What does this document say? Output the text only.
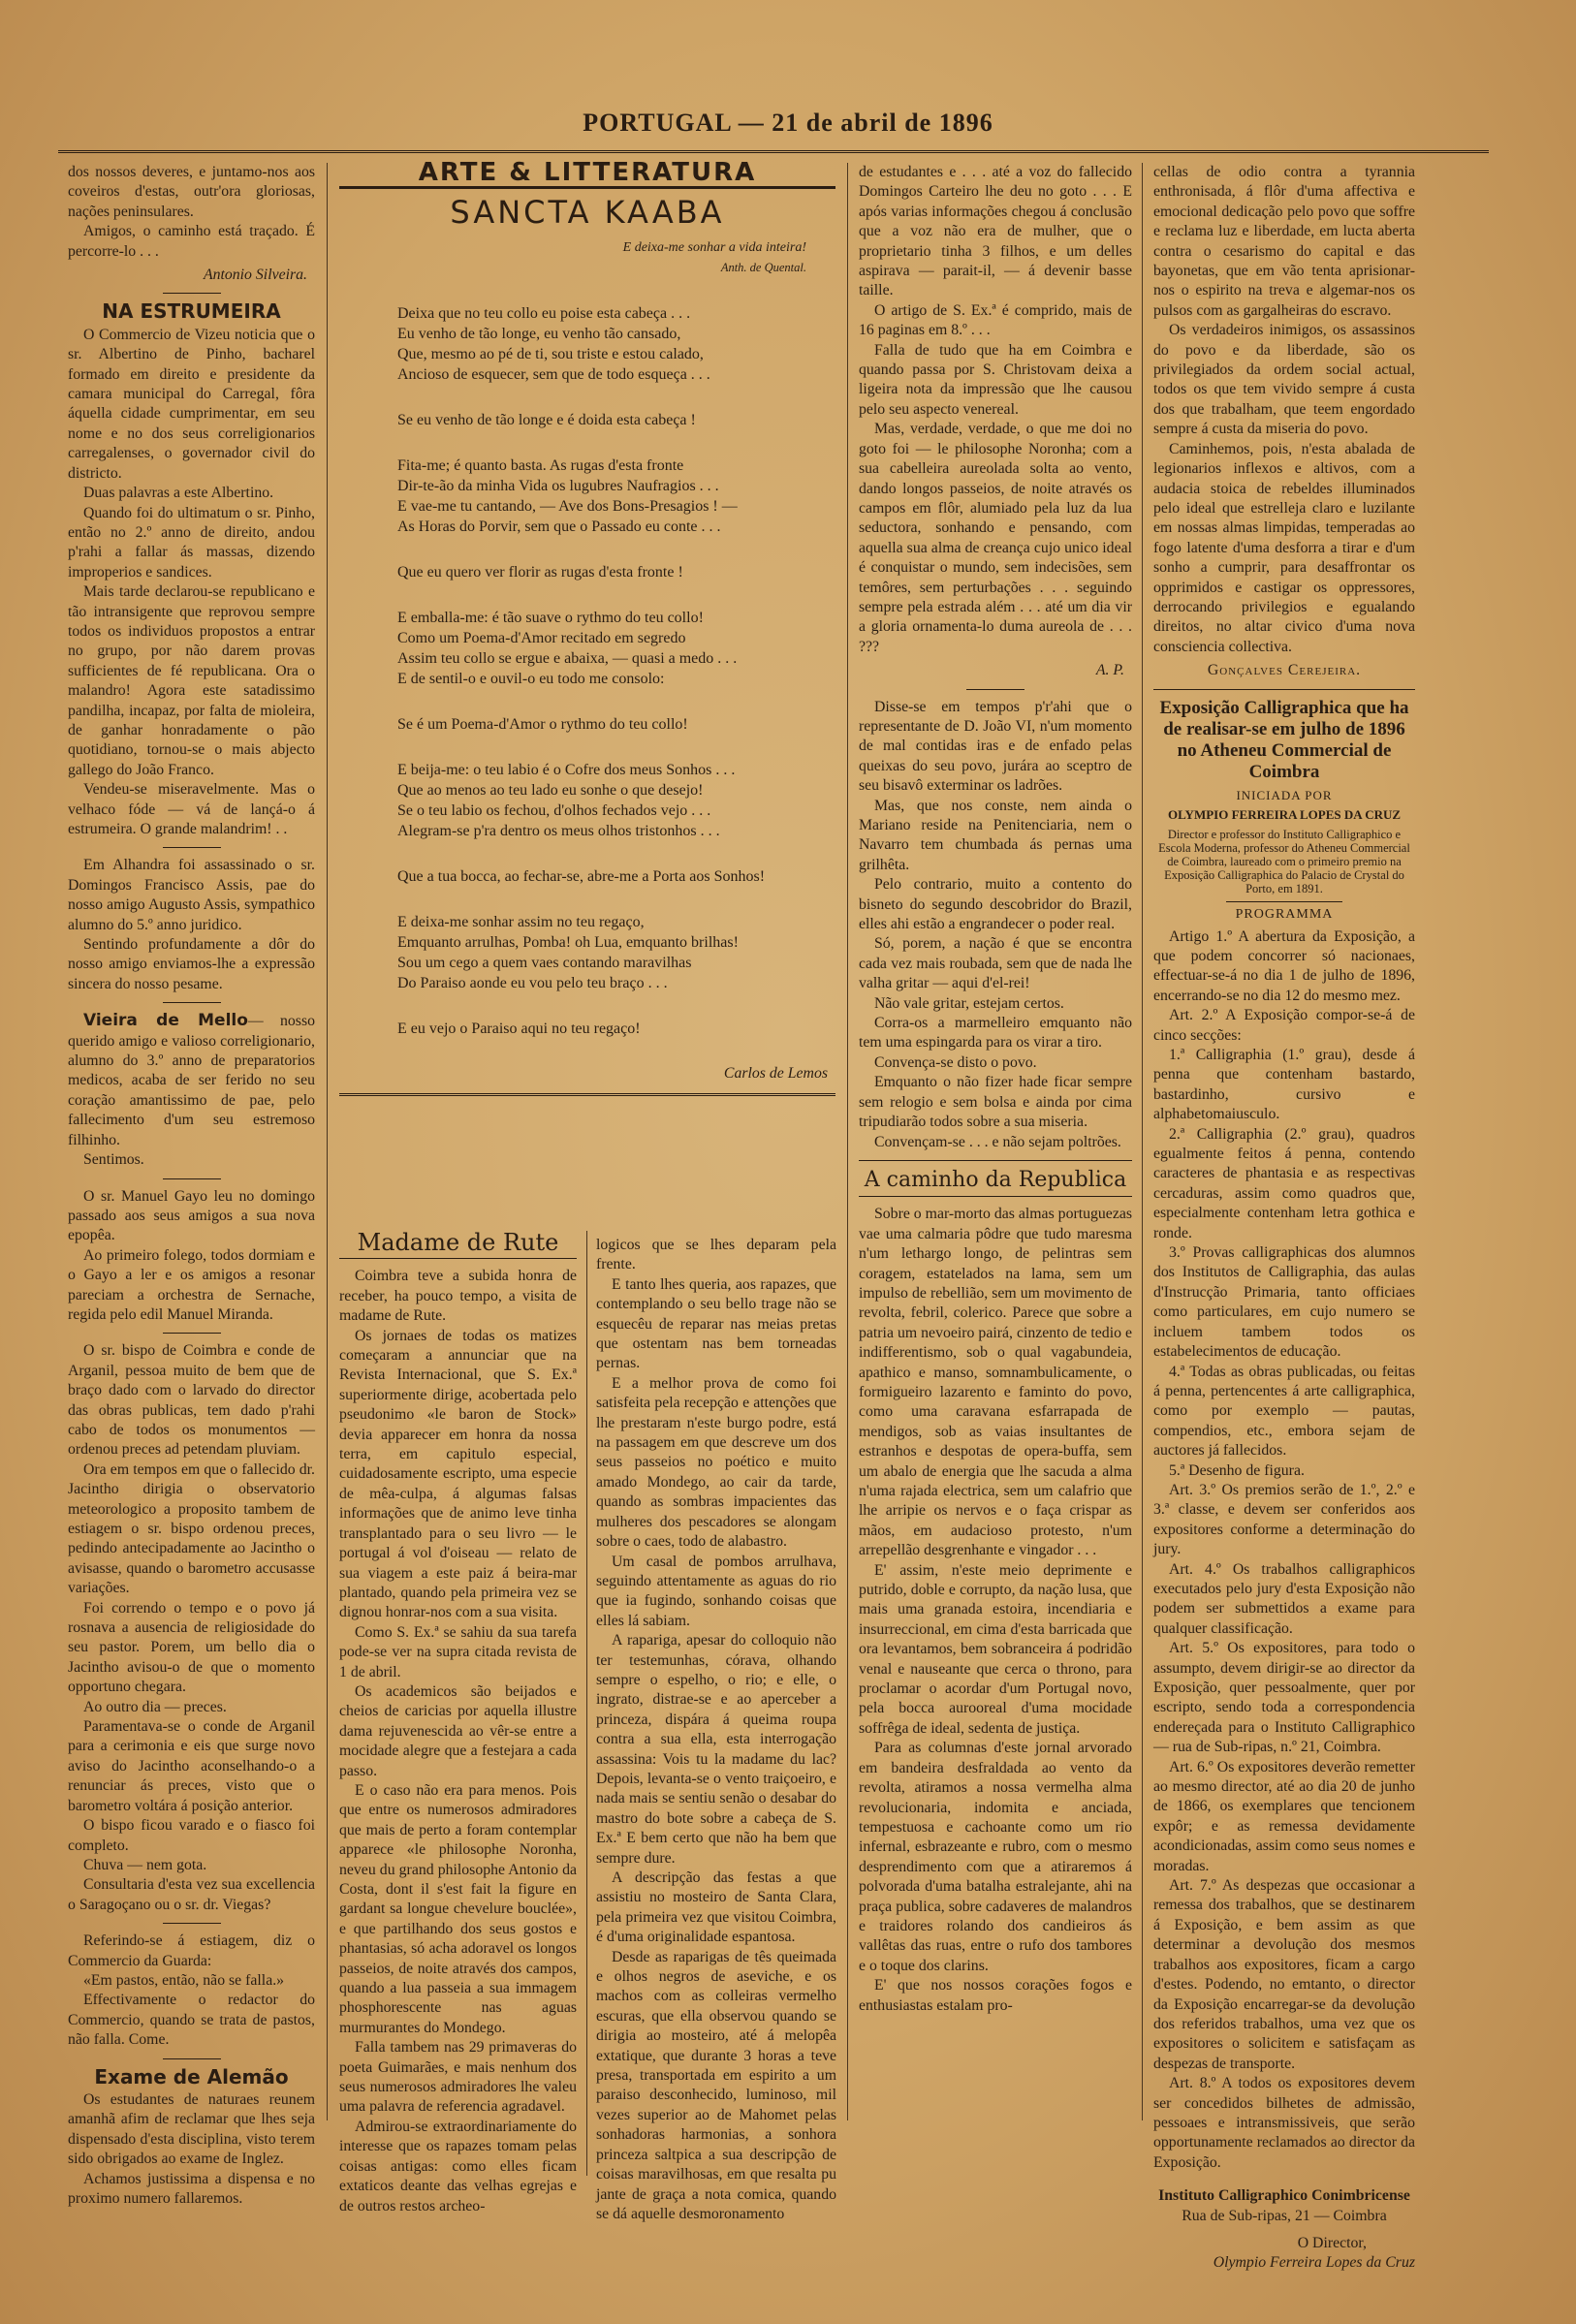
PORTUGAL — 21 de abril de 1896

dos nossos deveres, e juntamo-nos aos coveiros d'estas, outr'ora gloriosas, nações peninsulares.

Amigos, o caminho está traçado. É percorre-lo . . .

Antonio Silveira.
NA ESTRUMEIRA

O Commercio de Vizeu noticia que o sr. Albertino de Pinho, bacharel formado em direito e presidente da camara municipal do Carregal, fôra áquella cidade cumprimentar, em seu nome e no dos seus correligionarios carregalenses, o governador civil do districto.

Duas palavras a este Albertino.

Quando foi do ultimatum o sr. Pinho, então no 2.º anno de direito, andou p'rahi a fallar ás massas, dizendo improperios e sandices.

Mais tarde declarou-se republicano e tão intransigente que reprovou sempre todos os individuos propostos a entrar no grupo, por não darem provas sufficientes de fé republicana. Ora o malandro! Agora este satadissimo pandilha, incapaz, por falta de mioleira, de ganhar honradamente o pão quotidiano, tornou-se o mais abjecto gallego do João Franco.

Vendeu-se miseravelmente. Mas o velhaco fóde — vá de lançá-o á estrumeira. O grande malandrim! . .

Em Alhandra foi assassinado o sr. Domingos Francisco Assis, pae do nosso amigo Augusto Assis, sympathico alumno do 5.º anno juridico.

Sentindo profundamente a dôr do nosso amigo enviamos-lhe a expressão sincera do nosso pesame.

Vieira de Mello— nosso querido amigo e valioso correligionario, alumno do 3.º anno de preparatorios medicos, acaba de ser ferido no seu coração amantissimo de pae, pelo fallecimento d'um seu estremoso filhinho.

Sentimos.

O sr. Manuel Gayo leu no domingo passado aos seus amigos a sua nova epopêa.

Ao primeiro folego, todos dormiam e o Gayo a ler e os amigos a resonar pareciam a orchestra de Sernache, regida pelo edil Manuel Miranda.

O sr. bispo de Coimbra e conde de Arganil, pessoa muito de bem que de braço dado com o larvado do director das obras publicas, tem dado p'rahi cabo de todos os monumentos — ordenou preces ad petendam pluviam.

Ora em tempos em que o fallecido dr. Jacintho dirigia o observatorio meteorologico a proposito tambem de estiagem o sr. bispo ordenou preces, pedindo antecipadamente ao Jacintho o avisasse, quando o barometro accusasse variações.

Foi correndo o tempo e o povo já rosnava a ausencia de religiosidade do seu pastor. Porem, um bello dia o Jacintho avisou-o de que o momento opportuno chegara.

Ao outro dia — preces.

Paramentava-se o conde de Arganil para a cerimonia e eis que surge novo aviso do Jacintho aconselhando-o a renunciar ás preces, visto que o barometro voltára á posição anterior.

O bispo ficou varado e o fiasco foi completo.

Chuva — nem gota.

Consultaria d'esta vez sua excellencia o Saragoçano ou o sr. dr. Viegas?

Referindo-se á estiagem, diz o Commercio da Guarda:

«Em pastos, então, não se falla.»

Effectivamente o redactor do Commercio, quando se trata de pastos, não falla. Come.

Exame de Alemão

Os estudantes de naturaes reunem amanhã afim de reclamar que lhes seja dispensado d'esta disciplina, visto terem sido obrigados ao exame de Inglez.

Achamos justissima a dispensa e no proximo numero fallaremos.

ARTE & LITTERATURA
SANCTA KAABA
E deixa-me sonhar a vida inteira!
Anth. de Quental.
Deixa que no teu collo eu poise esta cabeça . . .
Eu venho de tão longe, eu venho tão cansado,
Que, mesmo ao pé de ti, sou triste e estou calado,
Ancioso de esquecer, sem que de todo esqueça . . .
Se eu venho de tão longe e é doida esta cabeça !
Fita-me; é quanto basta. As rugas d'esta fronte
Dir-te-ão da minha Vida os lugubres Naufragios . . .
E vae-me tu cantando, — Ave dos Bons-Presagios ! —
As Horas do Porvir, sem que o Passado eu conte . . .
Que eu quero ver florir as rugas d'esta fronte !
E emballa-me: é tão suave o rythmo do teu collo!
Como um Poema-d'Amor recitado em segredo
Assim teu collo se ergue e abaixa, — quasi a medo . . .
E de sentil-o e ouvil-o eu todo me consolo:
Se é um Poema-d'Amor o rythmo do teu collo!
E beija-me: o teu labio é o Cofre dos meus Sonhos . . .
Que ao menos ao teu lado eu sonhe o que desejo!
Se o teu labio os fechou, d'olhos fechados vejo . . .
Alegram-se p'ra dentro os meus olhos tristonhos . . .
Que a tua bocca, ao fechar-se, abre-me a Porta aos Sonhos!
E deixa-me sonhar assim no teu regaço,
Emquanto arrulhas, Pomba! oh Lua, emquanto brilhas!
Sou um cego a quem vaes contando maravilhas
Do Paraiso aonde eu vou pelo teu braço . . .
E eu vejo o Paraiso aqui no teu regaço!
Carlos de Lemos
Madame de Rute

Coimbra teve a subida honra de receber, ha pouco tempo, a visita de madame de Rute.

Os jornaes de todas os matizes começaram a annunciar que na Revista Internacional, que S. Ex.ª superiormente dirige, acobertada pelo pseudonimo «le baron de Stock» devia apparecer em honra da nossa terra, em capitulo especial, cuidadosamente escripto, uma especie de mêa-culpa, á algumas falsas informações que de animo leve tinha transplantado para o seu livro — le portugal á vol d'oiseau — relato de sua viagem a este paiz á beira-mar plantado, quando pela primeira vez se dignou honrar-nos com a sua visita.

Como S. Ex.ª se sahiu da sua tarefa pode-se ver na supra citada revista de 1 de abril.

Os academicos são beijados e cheios de caricias por aquella illustre dama rejuvenescida ao vêr-se entre a mocidade alegre que a festejara a cada passo.

E o caso não era para menos. Pois que entre os numerosos admiradores que mais de perto a foram contemplar apparece «le philosophe Noronha, neveu du grand philosophe Antonio da Costa, dont il s'est fait la figure en gardant sa longue chevelure bouclée», e que partilhando dos seus gostos e phantasias, só acha adoravel os longos passeios, de noite através dos campos, quando a lua passeia a sua immagem phosphorescente nas aguas murmurantes do Mondego.

Falla tambem nas 29 primaveras do poeta Guimarães, e mais nenhum dos seus numerosos admiradores lhe valeu uma palavra de referencia agradavel.

Admirou-se extraordinariamente do interesse que os rapazes tomam pelas coisas antigas: como elles ficam extaticos deante das velhas egrejas e de outros restos archeo-

logicos que se lhes deparam pela frente.

E tanto lhes queria, aos rapazes, que contemplando o seu bello trage não se esquecêu de reparar nas meias pretas que ostentam nas bem torneadas pernas.

E a melhor prova de como foi satisfeita pela recepção e attenções que lhe prestaram n'este burgo podre, está na passagem em que descreve um dos seus passeios no poético e muito amado Mondego, ao cair da tarde, quando as sombras impacientes das mulheres dos pescadores se alongam sobre o caes, todo de alabastro.

Um casal de pombos arrulhava, seguindo attentamente as aguas do rio que ia fugindo, sonhando coisas que elles lá sabiam.

A rapariga, apesar do colloquio não ter testemunhas, córava, olhando sempre o espelho, o rio; e elle, o ingrato, distrae-se e ao aperceber a princeza, dispára á queima roupa contra a sua ella, esta interrogação assassina: Vois tu la madame du lac? Depois, levanta-se o vento traiçoeiro, e nada mais se sentiu senão o desabar do mastro do bote sobre a cabeça de S. Ex.ª E bem certo que não ha bem que sempre dure.

A descripção das festas a que assistiu no mosteiro de Santa Clara, pela primeira vez que visitou Coimbra, é d'uma originalidade espantosa.

Desde as raparigas de tês queimada e olhos negros de aseviche, e os machos com as colleiras vermelho escuras, que ella observou quando se dirigia ao mosteiro, até á melopêa extatique, que durante 3 horas a teve presa, transportada em espirito a um paraiso desconhecido, luminoso, mil vezes superior ao de Mahomet pelas sonhadoras harmonias, a sonhora princeza saltpica a sua descripção de coisas maravilhosas, em que resalta pu jante de graça a nota comica, quando se dá aquelle desmoronamento

de estudantes e . . . até a voz do fallecido Domingos Carteiro lhe deu no goto . . . E após varias informações chegou á conclusão que a voz não era de mulher, que o proprietario tinha 3 filhos, e um delles aspirava — parait-il, — á devenir basse taille.

O artigo de S. Ex.ª é comprido, mais de 16 paginas em 8.º . . .

Falla de tudo que ha em Coimbra e quando passa por S. Christovam deixa a ligeira nota da impressão que lhe causou pelo seu aspecto venereal.

Mas, verdade, verdade, o que me doi no goto foi — le philosophe Noronha; com a sua cabelleira aureolada solta ao vento, dando longos passeios, de noite através os campos em flôr, alumiado pela luz da lua seductora, sonhando e pensando, com aquella sua alma de creança cujo unico ideal é conquistar o mundo, sem indecisões, sem temôres, sem perturbações . . . seguindo sempre pela estrada além . . . até um dia vir a gloria ornamenta-lo duma aureola de . . . ???

A. P.

Disse-se em tempos p'r'ahi que o representante de D. João VI, n'um momento de mal contidas iras e de enfado pelas queixas do seu povo, jurára ao sceptro de seu bisavô exterminar os ladrões.

Mas, que nos conste, nem ainda o Mariano reside na Penitenciaria, nem o Navarro tem chumbada ás pernas uma grilhêta.

Pelo contrario, muito a contento do bisneto do segundo descobridor do Brazil, elles ahi estão a engrandecer o poder real.

Só, porem, a nação é que se encontra cada vez mais roubada, sem que de nada lhe valha gritar — aqui d'el-rei!

Não vale gritar, estejam certos.

Corra-os a marmelleiro emquanto não tem uma espingarda para os virar a tiro.

Convença-se disto o povo.

Emquanto o não fizer hade ficar sempre sem relogio e sem bolsa e ainda por cima tripudiarão todos sobre a sua miseria.

Convençam-se . . . e não sejam poltrões.

A caminho da Republica

Sobre o mar-morto das almas portuguezas vae uma calmaria pôdre que tudo maresma n'um lethargo longo, de pelintras sem coragem, estatelados na lama, sem um impulso de rebellião, sem um movimento de revolta, febril, colerico. Parece que sobre a patria um nevoeiro pairá, cinzento de tedio e indifferentismo, sob o qual vagabundeia, apathico e manso, somnambulicamente, o formigueiro lazarento e faminto do povo, como uma caravana esfarrapada de mendigos, sob as vaias insultantes de estranhos e despotas de opera-buffa, sem um abalo de energia que lhe sacuda a alma n'uma rajada electrica, sem um calafrio que lhe arripie os nervos e o faça crispar as mãos, em audacioso protesto, n'um arrepellão desgrenhante e vingador . . .

E' assim, n'este meio deprimente e putrido, doble e corrupto, da nação lusa, que mais uma granada estoira, incendiaria e insurreccional, em cima d'esta barricada que ora levantamos, bem sobranceira á podridão venal e nauseante que cerca o throno, para proclamar o acordar d'um Portugal novo, pela bocca aurooreal d'uma mocidade soffrêga de ideal, sedenta de justiça.

Para as columnas d'este jornal arvorado em bandeira desfraldada ao vento da revolta, atiramos a nossa vermelha alma revolucionaria, indomita e anciada, tempestuosa e cachoante como um rio infernal, esbrazeante e rubro, com o mesmo desprendimento com que a atiraremos á polvorada d'uma batalha estralejante, ahi na praça publica, sobre cadaveres de malandros e traidores rolando dos candieiros ás vallêtas das ruas, entre o rufo dos tambores e o toque dos clarins.

E' que nos nossos corações fogos e enthusiastas estalam pro-

cellas de odio contra a tyrannia enthronisada, á flôr d'uma affectiva e emocional dedicação pelo povo que soffre e reclama luz e liberdade, em lucta aberta contra o cesarismo do capital e das bayonetas, que em vão tenta aprisionar-nos o espirito na treva e algemar-nos os pulsos com as gargalheiras do escravo.

Os verdadeiros inimigos, os assassinos do povo e da liberdade, são os privilegiados da ordem social actual, todos os que tem vivido sempre á custa dos que trabalham, que teem engordado sempre á custa da miseria do povo.

Caminhemos, pois, n'esta abalada de legionarios inflexos e altivos, com a audacia stoica de rebeldes illuminados pelo ideal que estrelleja claro e luzilante em nossas almas limpidas, temperadas ao fogo latente d'uma desforra a tirar e d'um sonho a cumprir, para desaffrontar os opprimidos e castigar os oppressores, derrocando privilegios e egualando direitos, no altar civico d'uma nova consciencia collectiva.

Gonçalves Cerejeira.
Exposição Calligraphica que ha de realisar-se em julho de 1896 no Atheneu Commercial de Coimbra
INICIADA POR
OLYMPIO FERREIRA LOPES DA CRUZ
Director e professor do Instituto Calligraphico e Escola Moderna, professor do Atheneu Commercial de Coimbra, laureado com o primeiro premio na Exposição Calligraphica do Palacio de Crystal do Porto, em 1891.
PROGRAMMA

Artigo 1.º A abertura da Exposição, a que podem concorrer só nacionaes, effectuar-se-á no dia 1 de julho de 1896, encerrando-se no dia 12 do mesmo mez.

Art. 2.º A Exposição compor-se-á de cinco secções:

1.ª Calligraphia (1.º grau), desde á penna que contenham bastardo, bastardinho, cursivo e alphabetomaiusculo.

2.ª Calligraphia (2.º grau), quadros egualmente feitos á penna, contendo caracteres de phantasia e as respectivas cercaduras, assim como quadros que, especialmente contenham letra gothica e ronde.

3.º Provas calligraphicas dos alumnos dos Institutos de Calligraphia, das aulas d'Instrucção Primaria, tanto officiaes como particulares, em cujo numero se incluem tambem todos os estabelecimentos de educação.

4.ª Todas as obras publicadas, ou feitas á penna, pertencentes á arte calligraphica, como por exemplo — pautas, compendios, etc., embora sejam de auctores já fallecidos.

5.ª Desenho de figura.

Art. 3.º Os premios serão de 1.º, 2.º e 3.ª classe, e devem ser conferidos aos expositores conforme a determinação do jury.

Art. 4.º Os trabalhos calligraphicos executados pelo jury d'esta Exposição não podem ser submettidos a exame para qualquer classificação.

Art. 5.º Os expositores, para todo o assumpto, devem dirigir-se ao director da Exposição, quer pessoalmente, quer por escripto, sendo toda a correspondencia endereçada para o Instituto Calligraphico — rua de Sub-ripas, n.º 21, Coimbra.

Art. 6.º Os expositores deverão remetter ao mesmo director, até ao dia 20 de junho de 1866, os exemplares que tencionem expôr; e as remessa devidamente acondicionadas, assim como seus nomes e moradas.

Art. 7.º As despezas que occasionar a remessa dos trabalhos, que se destinarem á Exposição, e bem assim as que determinar a devolução dos mesmos trabalhos aos expositores, ficam a cargo d'estes. Podendo, no emtanto, o director da Exposição encarregar-se da devolução dos referidos trabalhos, uma vez que os expositores o solicitem e satisfaçam as despezas de transporte.

Art. 8.º A todos os expositores devem ser concedidos bilhetes de admissão, pessoaes e intransmissiveis, que serão opportunamente reclamados ao director da Exposição.

Instituto Calligraphico Conimbricense
Rua de Sub-ripas, 21 — Coimbra
O Director,
Olympio Ferreira Lopes da Cruz
